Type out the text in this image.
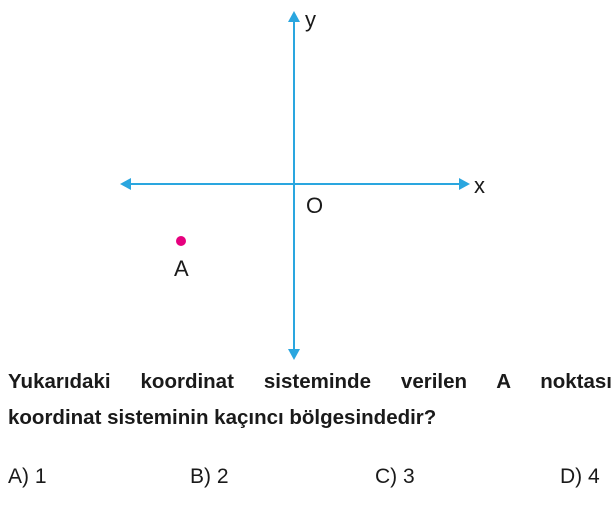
y
x
O
A
Yukarıdaki koordinat sisteminde verilen A noktası
koordinat sisteminin kaçıncı bölgesindedir?
A) 1	B) 2	C) 3	D) 4
